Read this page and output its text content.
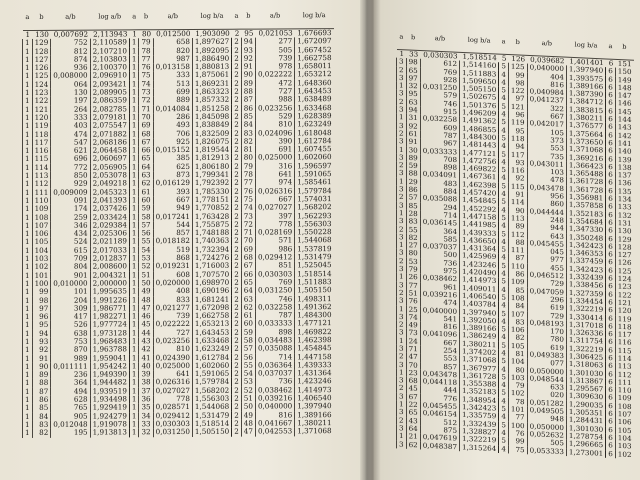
a	b	a/b	log a/b	a	b	a/b	log b/a	a	b	a/b	log b/a
1	130	0,007692	2,113943	1	80	0,012500	1,903090	2	95	0,021053	1,676693
1	129	752	2,110589	1	79	658	1,897627	2	94	277	1,672097
1	128	812	2,107210	1	78	820	1,892095	2	93	505	1,667452
1	127	874	2,103803	1	77	987	1,886490	2	92	739	1,662758
1	126	936	2,100370	1	76	0,013158	1,880813	2	91	978	1,658011
1	125	0,008000	2,096910	1	75	333	1,875061	2	90	0,022222	1,653212
1	124	064	2,093421	1	74	513	1,869231	2	89	472	1,648360
1	123	130	2,089905	1	73	699	1,863323	2	88	727	1,643453
1	122	197	2,086359	1	72	889	1,857332	2	87	988	1,638489
1	121	264	2,082785	1	71	0,014084	1,851258	2	86	0,023256	1,633468
1	120	333	2,079181	1	70	286	1,845098	2	85	529	1,628389
1	119	403	2,075547	1	69	493	1,838849	2	84	810	1,623249
1	118	474	2,071882	1	68	706	1,832509	2	83	0,024096	1,618048
1	117	547	2,068186	1	67	925	1,826075	2	82	390	1,612784
1	116	621	2,064458	1	66	0,015152	1,819544	2	81	691	1,607455
1	115	696	2,060697	1	65	385	1,812913	2	80	0,025000	1,602060
1	114	772	2,056905	1	64	625	1,806180	2	79	316	1,596597
1	113	850	2,053078	1	63	873	1,799341	2	78	641	1,591065
1	112	929	2,049218	1	62	0,016129	1,792392	2	77	974	1,585461
1	111	0,009009	2,045323	1	61	393	1,785330	2	76	0,026316	1,579784
1	110	091	2,041393	1	60	667	1,778151	2	75	667	1,574031
1	109	174	2,037426	1	59	949	1,770852	2	74	0,027027	1,568202
1	108	259	2,033424	1	58	0,017241	1,763428	2	73	397	1,562293
1	107	346	2,029384	1	57	544	1,755875	2	72	778	1,556303
1	106	434	2,025306	1	56	857	1,748188	2	71	0,028169	1,550228
1	105	524	2,021189	1	55	0,018182	1,740363	2	70	571	1,544068
1	104	615	2,017033	1	54	519	1,732394	2	69	986	1,537819
1	103	709	2,012837	1	53	868	1,724276	2	68	0,029412	1,531479
1	102	804	2,008600	1	52	0,019231	1,716003	2	67	851	1,525045
1	101	901	2,004321	1	51	608	1,707570	2	66	0,030303	1,518514
1	100	0,010000	2,000000	1	50	0,020000	1,698970	2	65	769	1,511883
1	99	101	1,995635	1	49	408	1,690196	2	64	0,031250	1,505150
1	98	204	1,991226	1	48	833	1,681241	2	63	746	1,498311
1	97	309	1,986771	1	47	0,021277	1,672098	2	62	0,032258	1,491362
1	96	417	1,982271	1	46	739	1,662758	2	61	787	1,484300
1	95	526	1,977724	1	45	0,022222	1,653213	2	60	0,033333	1,477121
1	94	638	1,973128	1	44	727	1,643453	2	59	898	1,469822
1	93	753	1,968483	1	43	0,023256	1,633468	2	58	0,034483	1,462398
1	92	870	1,963788	1	42	810	1,623249	2	57	0,035088	1,454845
1	91	989	1,959041	1	41	0,024390	1,612784	2	56	714	1,447158
1	90	0,011111	1,954242	1	40	0,025000	1,602060	2	55	0,036364	1,439333
1	89	236	1,949390	1	39	641	1,591065	2	54	0,037037	1,431364
1	88	364	1,944482	1	38	0,026316	1,579784	2	53	736	1,423246
1	87	494	1,939519	1	37	0,027027	1,568202	2	52	0,038462	1,414973
1	86	628	1,934498	1	36	778	1,556303	2	51	0,039216	1,406540
1	85	765	1,929419	1	35	0,028571	1,544068	2	50	0,040000	1,397940
1	84	905	1,924279	1	34	0,029412	1,531479	2	49	816	1,389166
1	83	0,012048	1,919078	1	33	0,030303	1,518514	2	48	0,041667	1,380211
1	82	195	1,913813	1	32	0,031250	1,505150	2	47	0,042553	1,371068
a	b	a/b	log b/a	a	b	a/b	log b/a	a	b
1	33	0,030303	1,518514	5	126	0,039682	1,401401	6	151
3	98	612	1,514160	5	125	0,040000	1,397940	6	150
2	65	769	1,511883	4	99	404	1,393575	6	149
3	97	928	1,509650	4	98	816	1,389166	6	148
1	32	0,031250	1,505150	5	122	0,040984	1,387390	6	147
3	95	579	1,502675	4	97	0,041237	1,384712	6	146
2	63	746	1,501376	5	121	322	1,383815	6	145
3	94	915	1,496209	4	96	667	1,380211	6	144
1	31	0,032258	1,491362	5	119	0,042017	1,376577	6	143
3	92	609	1,486855	4	95	105	1,375664	6	142
2	61	787	1,484300	5	118	373	1,373650	6	141
3	91	967	1,481443	4	94	553	1,371068	6	140
1	30	0,033333	1,477121	5	117	735	1,369216	6	139
3	89	708	1,472756	4	93	0,043011	1,366423	6	138
2	59	898	1,469822	5	116	103	1,365488	6	137
3	88	0,034091	1,467361	4	92	478	1,361728	6	136
1	29	483	1,462398	5	115	0,043478	1,361728	6	135
3	86	884	1,457420	4	91	956	1,356981	6	134
2	57	0,035088	1,454845	5	114	860	1,357858	6	133
3	85	294	1,452292	4	90	0,044444	1,352183	6	132
1	28	714	1,447158	5	113	248	1,354684	6	131
3	83	0,036145	1,441985	4	89	944	1,347330	6	130
2	55	364	1,439333	5	112	643	1,350248	6	129
3	82	585	1,436650	4	88	0,045455	1,342423	6	128
1	27	0,037037	1,431364	5	111	045	1,346353	6	127
3	80	500	1,425969	4	87	977	1,337459	6	126
2	53	736	1,423246	5	110	455	1,342423	6	125
3	79	975	1,420490	4	86	0,046512	1,332439	6	124
1	26	0,038462	1,414973	5	109	729	1,338456	6	123
3	77	961	1,409011	4	85	0,047059	1,327359	6	122
2	51	0,039216	1,406540	5	108	296	1,334454	6	121
3	76	474	1,403784	4	84	619	1,322219	6	120
1	25	0,040000	1,397940	5	107	729	1,330414	6	119
3	74	541	1,392050	4	83	0,048193	1,317018	6	118
2	49	816	1,389166	5	106	170	1,326336	6	117
3	73	0,041096	1,386249	4	82	780	1,311754	6	116
1	24	667	1,380211	5	105	619	1,322219	6	115
3	71	254	1,374202	4	81	0,049383	1,306425	6	114
2	47	553	1,371068	5	104	077	1,318063	6	113
3	70	857	1,367977	4	80	0,050000	1,301030	6	112
1	23	0,043478	1,361728	5	103	0,048544	1,313867	6	111
3	68	0,044118	1,355388	4	79	633	1,295567	6	110
2	45	444	1,352183	5	102	020	1,309630	6	109
3	67	776	1,348954	4	78	0,051282	1,290035	6	108
1	22	0,045455	1,342423	5	101	0,049505	1,305351	6	107
3	65	0,046154	1,335759	4	77	948	1,284431	6	106
2	43	512	1,332439	5	100	0,050000	1,301030	6	105
3	64	875	1,328827	4	76	0,052632	1,278754	6	104
1	21	0,047619	1,322219	5	99	505	1,296665	6	103
3	62	0,048387	1,315264	4	75	0,053333	1,273001	6	102
